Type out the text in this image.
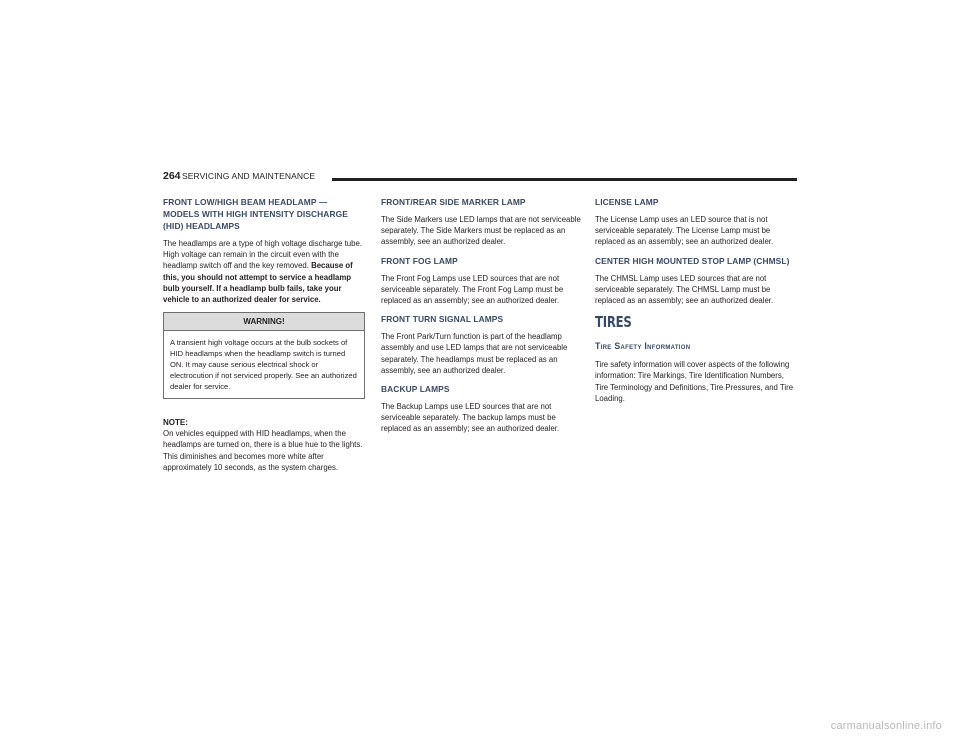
264 SERVICING AND MAINTENANCE
FRONT LOW/HIGH BEAM HEADLAMP — MODELS WITH HIGH INTENSITY DISCHARGE (HID) HEADLAMPS

The headlamps are a type of high voltage discharge tube. High voltage can remain in the circuit even with the headlamp switch off and the key removed. Because of this, you should not attempt to service a headlamp bulb yourself. If a headlamp bulb fails, take your vehicle to an authorized dealer for service.

WARNING!
A transient high voltage occurs at the bulb sockets of HID headlamps when the headlamp switch is turned ON. It may cause serious electrical shock or electrocution if not serviced properly. See an authorized dealer for service.

NOTE:

On vehicles equipped with HID headlamps, when the headlamps are turned on, there is a blue hue to the lights. This diminishes and becomes more white after approximately 10 seconds, as the system charges.

FRONT/REAR SIDE MARKER LAMP

The Side Markers use LED lamps that are not serviceable separately. The Side Markers must be replaced as an assembly, see an authorized dealer.

FRONT FOG LAMP

The Front Fog Lamps use LED sources that are not serviceable separately. The Front Fog Lamp must be replaced as an assembly; see an authorized dealer.

FRONT TURN SIGNAL LAMPS

The Front Park/Turn function is part of the headlamp assembly and use LED lamps that are not serviceable separately. The headlamps must be replaced as an assembly, see an authorized dealer.

BACKUP LAMPS

The Backup Lamps use LED sources that are not serviceable separately. The backup lamps must be replaced as an assembly; see an authorized dealer.

LICENSE LAMP

The License Lamp uses an LED source that is not serviceable separately. The License Lamp must be replaced as an assembly; see an authorized dealer.

CENTER HIGH MOUNTED STOP LAMP (CHMSL)

The CHMSL Lamp uses LED sources that are not serviceable separately. The CHMSL Lamp must be replaced as an assembly; see an authorized dealer.

TIRES
Tire Safety Information

Tire safety information will cover aspects of the following information: Tire Markings, Tire Identification Numbers, Tire Terminology and Definitions, Tire Pressures, and Tire Loading.

carmanualsonline.info
